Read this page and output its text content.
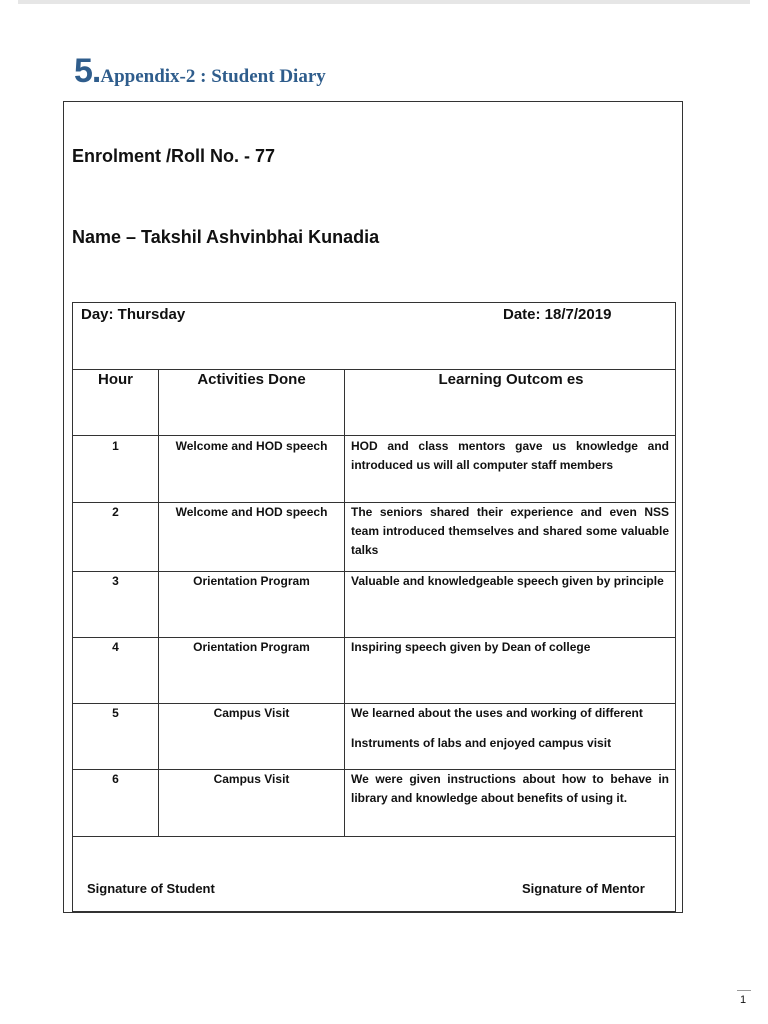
5.Appendix-2 : Student Diary
Enrolment /Roll No. - 77
Name – Takshil Ashvinbhai Kunadia
Day: Thursday	Date: 18/7/2019
Hour	Activities Done	Learning Outcom es
1	Welcome and HOD speech	HOD and class mentors gave us knowledge and introduced us will all computer staff members
2	Welcome and HOD speech	The seniors shared their experience and even NSS team introduced themselves and shared some valuable talks
3	Orientation Program	Valuable and knowledgeable speech given by principle
4	Orientation Program	Inspiring speech given by Dean of college
5	Campus Visit	We learned about the uses and working of different
Instruments of labs and enjoyed campus visit
6	Campus Visit	We were given instructions about how to behave in library and knowledge about benefits of using it.
Signature of Student	Signature of Mentor
1
